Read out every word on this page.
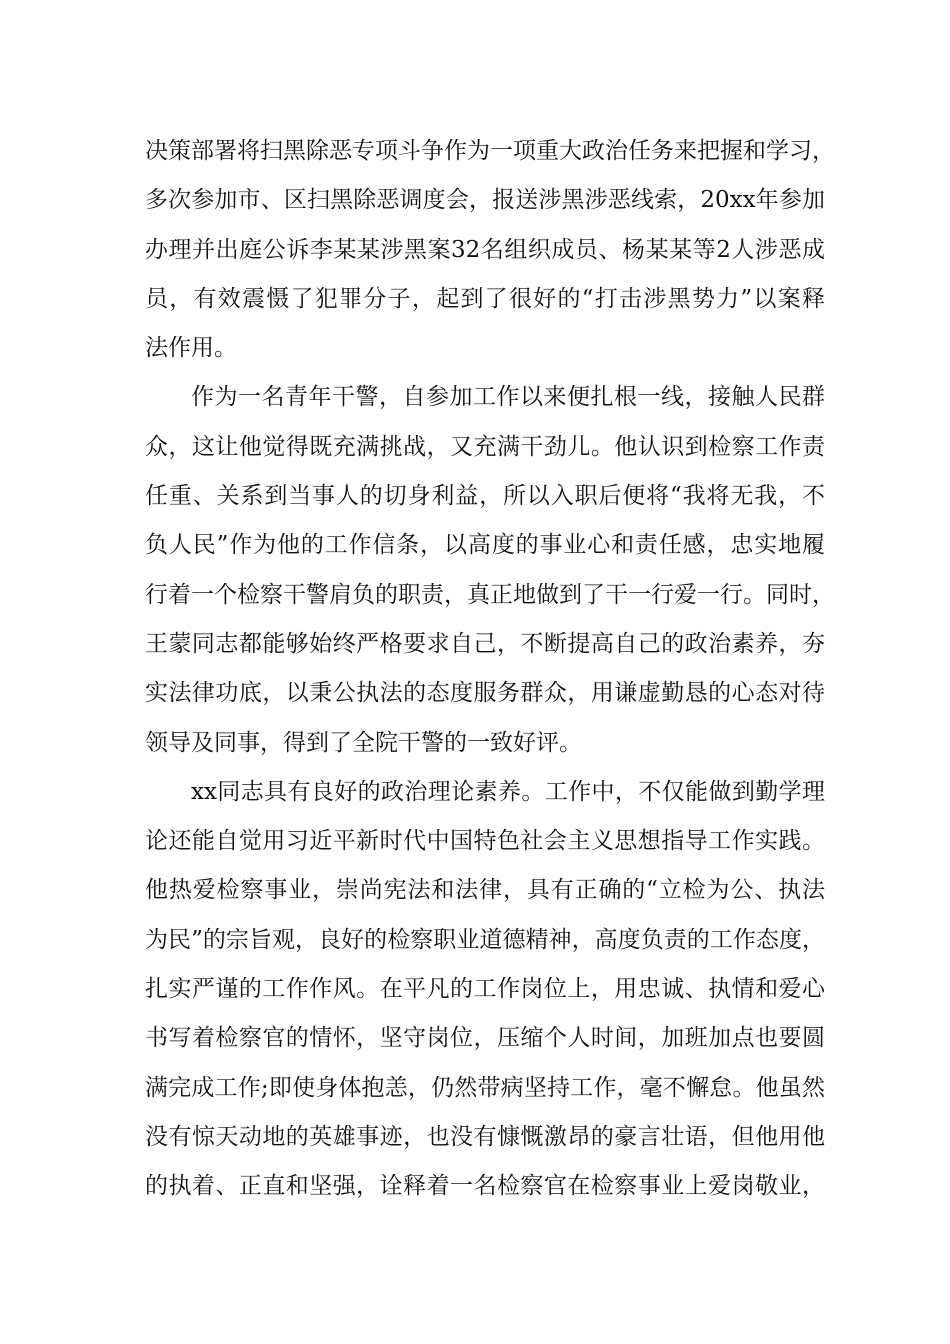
决策部署将扫黑除恶专项斗争作为一项重大政治任务来把握和学习，
多次参加市、区扫黑除恶调度会，报送涉黑涉恶线索，20xx年参加
办理并出庭公诉李某某涉黑案32名组织成员、杨某某等2人涉恶成
员，有效震慑了犯罪分子，起到了很好的“打击涉黑势力”以案释
法作用。
作为一名青年干警，自参加工作以来便扎根一线，接触人民群
众，这让他觉得既充满挑战，又充满干劲儿。他认识到检察工作责
任重、关系到当事人的切身利益，所以入职后便将“我将无我，不
负人民”作为他的工作信条，以高度的事业心和责任感，忠实地履
行着一个检察干警肩负的职责，真正地做到了干一行爱一行。同时，
王蒙同志都能够始终严格要求自己，不断提高自己的政治素养，夯
实法律功底，以秉公执法的态度服务群众，用谦虚勤恳的心态对待
领导及同事，得到了全院干警的一致好评。
xx同志具有良好的政治理论素养。工作中，不仅能做到勤学理
论还能自觉用习近平新时代中国特色社会主义思想指导工作实践。
他热爱检察事业，崇尚宪法和法律，具有正确的“立检为公、执法
为民”的宗旨观，良好的检察职业道德精神，高度负责的工作态度，
扎实严谨的工作作风。在平凡的工作岗位上，用忠诚、执情和爱心
书写着检察官的情怀，坚守岗位，压缩个人时间，加班加点也要圆
满完成工作;即使身体抱恙，仍然带病坚持工作，毫不懈怠。他虽然
没有惊天动地的英雄事迹，也没有慷慨激昂的豪言壮语，但他用他
的执着、正直和坚强，诠释着一名检察官在检察事业上爱岗敬业，
